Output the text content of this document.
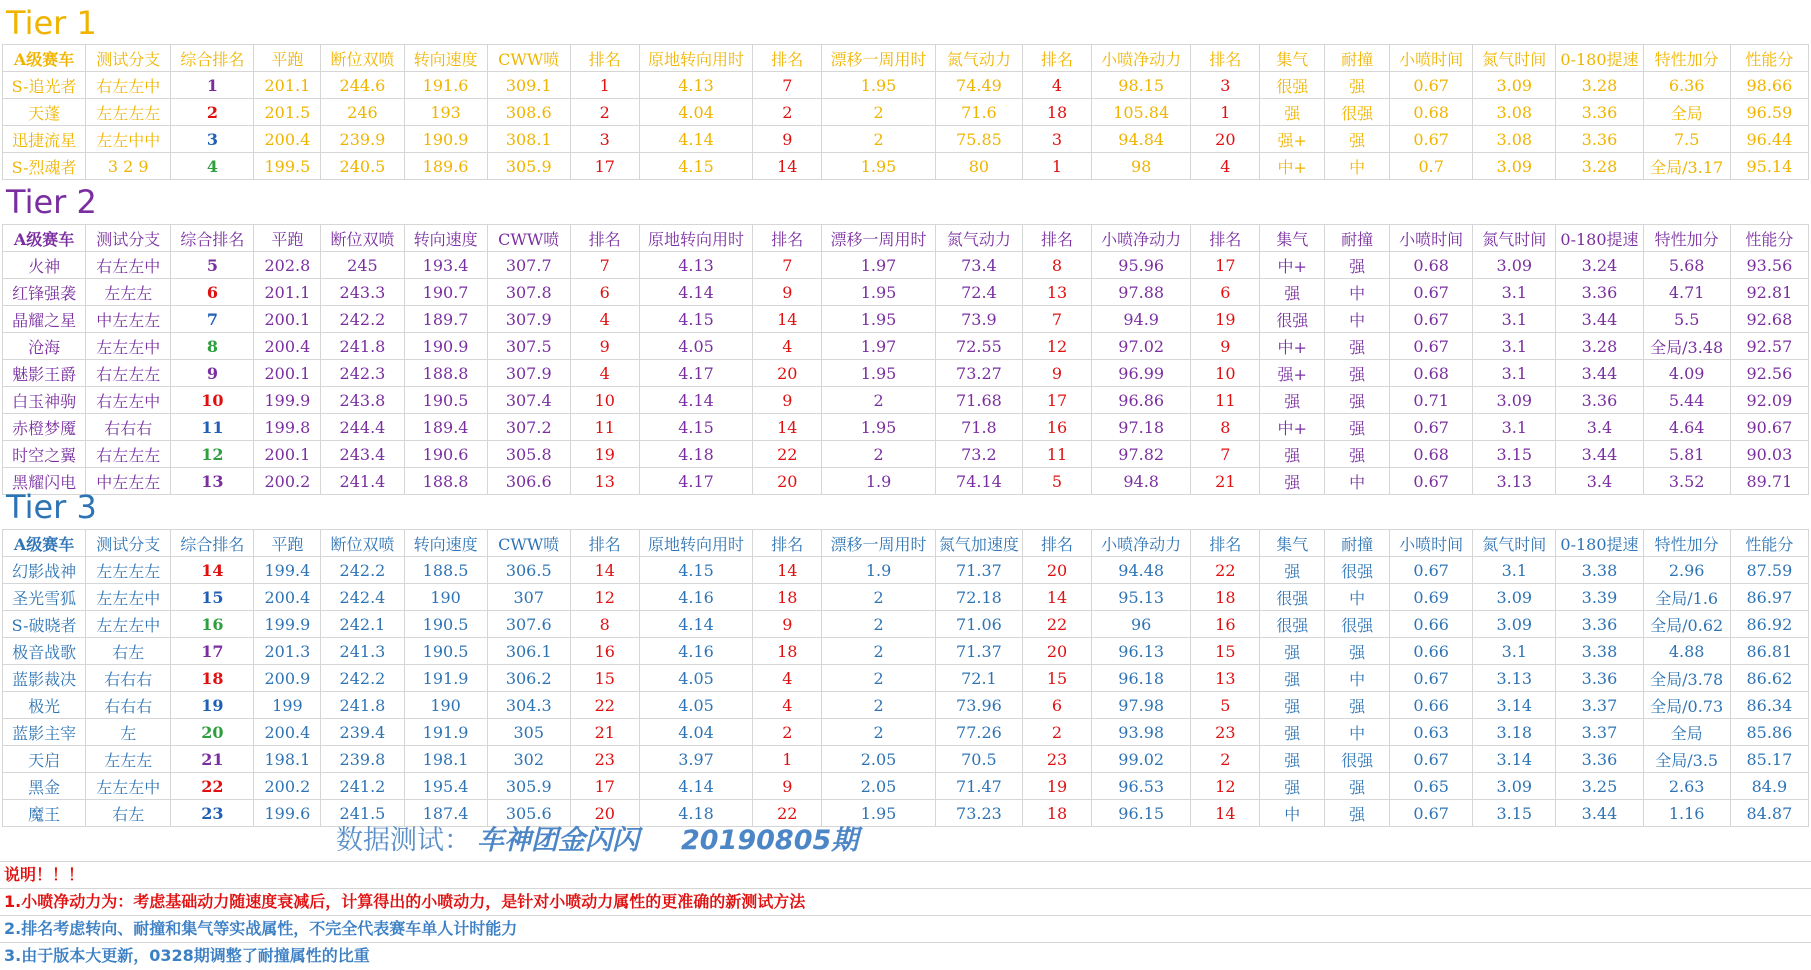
Tier 1
A级赛车	测试分支	综合排名	平跑	断位双喷	转向速度	CWW喷	排名	原地转向用时	排名	漂移一周用时	氮气动力	排名	小喷净动力	排名	集气	耐撞	小喷时间	氮气时间	0-180提速	特性加分	性能分
S-追光者	右左左中	1	201.1	244.6	191.6	309.1	1	4.13	7	1.95	74.49	4	98.15	3	很强	强	0.67	3.09	3.28	6.36	98.66
天蓬	左左左左	2	201.5	246	193	308.6	2	4.04	2	2	71.6	18	105.84	1	强	很强	0.68	3.08	3.36	全局	96.59
迅捷流星	左左中中	3	200.4	239.9	190.9	308.1	3	4.14	9	2	75.85	3	94.84	20	强+	强	0.67	3.08	3.36	7.5	96.44
S-烈魂者	3 2 9	4	199.5	240.5	189.6	305.9	17	4.15	14	1.95	80	1	98	4	中+	中	0.7	3.09	3.28	全局/3.17	95.14
Tier 2
A级赛车	测试分支	综合排名	平跑	断位双喷	转向速度	CWW喷	排名	原地转向用时	排名	漂移一周用时	氮气动力	排名	小喷净动力	排名	集气	耐撞	小喷时间	氮气时间	0-180提速	特性加分	性能分
火神	右左左中	5	202.8	245	193.4	307.7	7	4.13	7	1.97	73.4	8	95.96	17	中+	强	0.68	3.09	3.24	5.68	93.56
红锋强袭	左左左	6	201.1	243.3	190.7	307.8	6	4.14	9	1.95	72.4	13	97.88	6	强	中	0.67	3.1	3.36	4.71	92.81
晶耀之星	中左左左	7	200.1	242.2	189.7	307.9	4	4.15	14	1.95	73.9	7	94.9	19	很强	中	0.67	3.1	3.44	5.5	92.68
沧海	左左左中	8	200.4	241.8	190.9	307.5	9	4.05	4	1.97	72.55	12	97.02	9	中+	强	0.67	3.1	3.28	全局/3.48	92.57
魅影王爵	右左左左	9	200.1	242.3	188.8	307.9	4	4.17	20	1.95	73.27	9	96.99	10	强+	强	0.68	3.1	3.44	4.09	92.56
白玉神驹	右左左中	10	199.9	243.8	190.5	307.4	10	4.14	9	2	71.68	17	96.86	11	强	强	0.71	3.09	3.36	5.44	92.09
赤橙梦魇	右右右	11	199.8	244.4	189.4	307.2	11	4.15	14	1.95	71.8	16	97.18	8	中+	强	0.67	3.1	3.4	4.64	90.67
时空之翼	右左左左	12	200.1	243.4	190.6	305.8	19	4.18	22	2	73.2	11	97.82	7	强	强	0.68	3.15	3.44	5.81	90.03
黑耀闪电	中左左左	13	200.2	241.4	188.8	306.6	13	4.17	20	1.9	74.14	5	94.8	21	强	中	0.67	3.13	3.4	3.52	89.71
Tier 3
A级赛车	测试分支	综合排名	平跑	断位双喷	转向速度	CWW喷	排名	原地转向用时	排名	漂移一周用时	氮气加速度	排名	小喷净动力	排名	集气	耐撞	小喷时间	氮气时间	0-180提速	特性加分	性能分
幻影战神	左左左左	14	199.4	242.2	188.5	306.5	14	4.15	14	1.9	71.37	20	94.48	22	强	很强	0.67	3.1	3.38	2.96	87.59
圣光雪狐	左左左中	15	200.4	242.4	190	307	12	4.16	18	2	72.18	14	95.13	18	很强	中	0.69	3.09	3.39	全局/1.6	86.97
S-破晓者	左左左中	16	199.9	242.1	190.5	307.6	8	4.14	9	2	71.06	22	96	16	很强	很强	0.66	3.09	3.36	全局/0.62	86.92
极音战歌	右左	17	201.3	241.3	190.5	306.1	16	4.16	18	2	71.37	20	96.13	15	强	强	0.66	3.1	3.38	4.88	86.81
蓝影裁决	右右右	18	200.9	242.2	191.9	306.2	15	4.05	4	2	72.1	15	96.18	13	强	中	0.67	3.13	3.36	全局/3.78	86.62
极光	右右右	19	199	241.8	190	304.3	22	4.05	4	2	73.96	6	97.98	5	强	强	0.66	3.14	3.37	全局/0.73	86.34
蓝影主宰	左	20	200.4	239.4	191.9	305	21	4.04	2	2	77.26	2	93.98	23	强	中	0.63	3.18	3.37	全局	85.86
天启	左左左	21	198.1	239.8	198.1	302	23	3.97	1	2.05	70.5	23	99.02	2	强	很强	0.67	3.14	3.36	全局/3.5	85.17
黑金	左左左中	22	200.2	241.2	195.4	305.9	17	4.14	9	2.05	71.47	19	96.53	12	强	强	0.65	3.09	3.25	2.63	84.9
魔王	右左	23	199.6	241.5	187.4	305.6	20	4.18	22	1.95	73.23	18	96.15	14	中	强	0.67	3.15	3.44	1.16	84.87
数据测试： 车神团金闪闪 20190805期
说明！！！
1.小喷净动力为：考虑基础动力随速度衰减后，计算得出的小喷动力，是针对小喷动力属性的更准确的新测试方法
2.排名考虑转向、耐撞和集气等实战属性，不完全代表赛车单人计时能力
3.由于版本大更新，0328期调整了耐撞属性的比重
